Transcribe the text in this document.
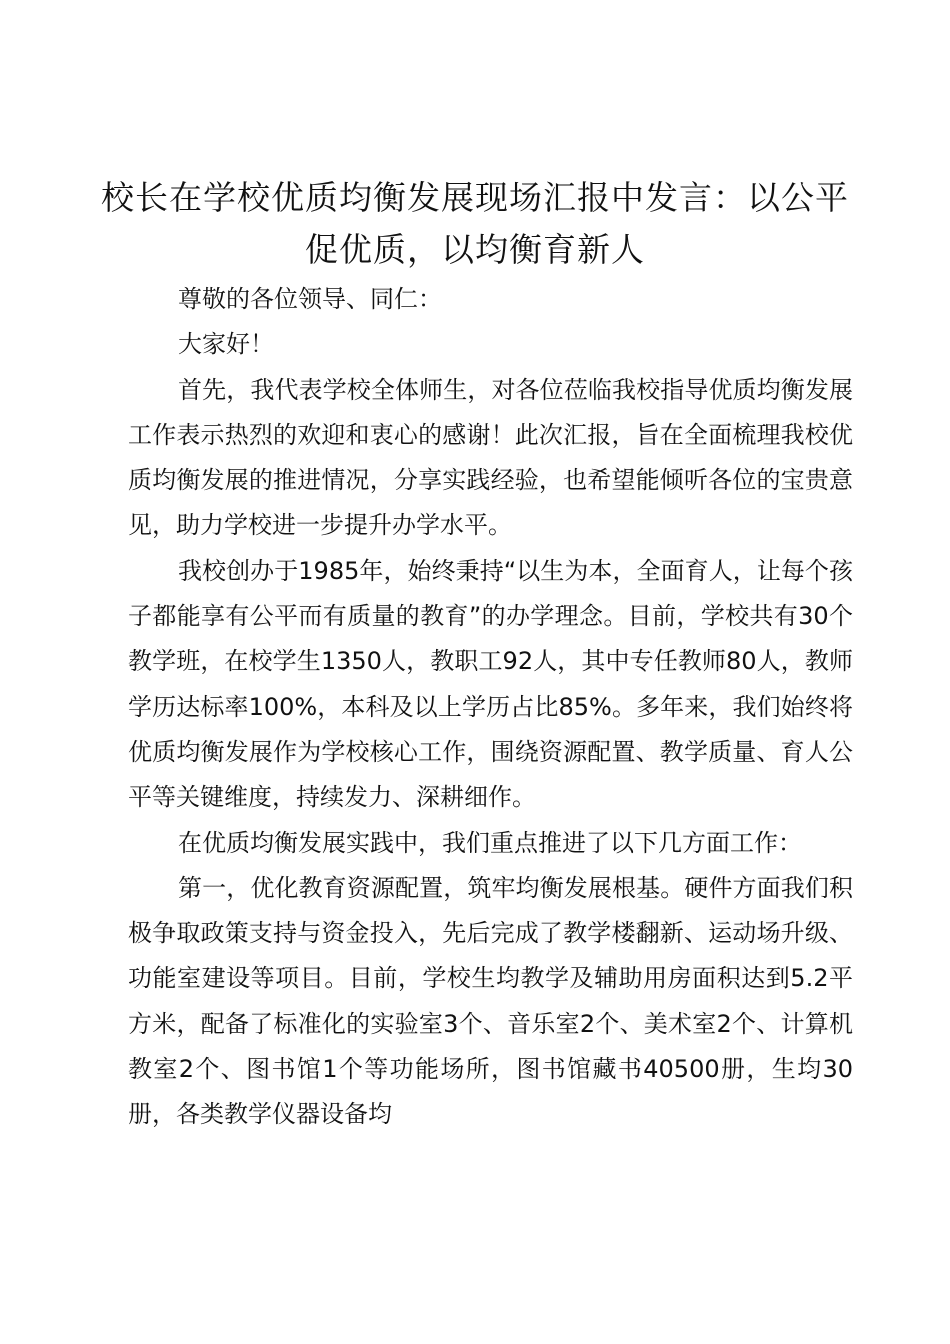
校长在学校优质均衡发展现场汇报中发言：以公平促优质，以均衡育新人

尊敬的各位领导、同仁：

大家好！

首先，我代表学校全体师生，对各位莅临我校指导优质均衡发展工作表示热烈的欢迎和衷心的感谢！此次汇报，旨在全面梳理我校优质均衡发展的推进情况，分享实践经验，也希望能倾听各位的宝贵意见，助力学校进一步提升办学水平。

我校创办于1985年，始终秉持“以生为本，全面育人，让每个孩子都能享有公平而有质量的教育”的办学理念。目前，学校共有30个教学班，在校学生1350人，教职工92人，其中专任教师80人，教师学历达标率100%，本科及以上学历占比85%。多年来，我们始终将优质均衡发展作为学校核心工作，围绕资源配置、教学质量、育人公平等关键维度，持续发力、深耕细作。

在优质均衡发展实践中，我们重点推进了以下几方面工作：

第一，优化教育资源配置，筑牢均衡发展根基。硬件方面我们积极争取政策支持与资金投入，先后完成了教学楼翻新、运动场升级、功能室建设等项目。目前，学校生均教学及辅助用房面积达到5.2平方米，配备了标准化的实验室3个、音乐室2个、美术室2个、计算机教室2个、图书馆1个等功能场所，图书馆藏书40500册，生均30册，各类教学仪器设备均
